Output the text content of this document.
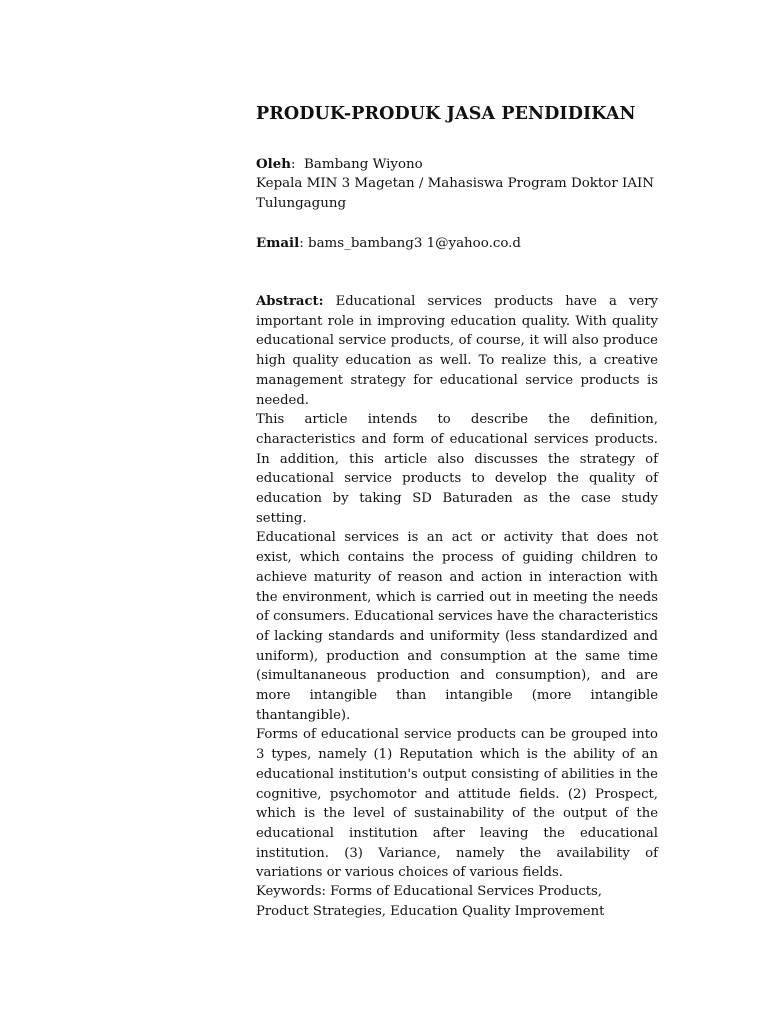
PRODUK-PRODUK JASA PENDIDIKAN
Oleh:  Bambang Wiyono
Kepala MIN 3 Magetan / Mahasiswa Program Doktor IAIN
Tulungagung
Email: bams_bambang3 1@yahoo.co.d

Abstract: Educational services products have a very important role in improving education quality. With quality educational service products, of course, it will also produce high quality education as well. To realize this, a creative management strategy for educational service products is needed.

This article intends to describe the definition, characteristics and form of educational services products. In addition, this article also discusses the strategy of educational service products to develop the quality of education by taking SD Baturaden as the case study setting.

Educational services is an act or activity that does not exist, which contains the process of guiding children to achieve maturity of reason and action in interaction with the environment, which is carried out in meeting the needs of consumers. Educational services have the characteristics of lacking standards and uniformity (less standardized and uniform), production and consumption at the same time (simultananeous production and consumption), and are more intangible than intangible (more intangible thantangible).

Forms of educational service products can be grouped into 3 types, namely (1) Reputation which is the ability of an educational institution's output consisting of abilities in the cognitive, psychomotor and attitude fields. (2) Prospect, which is the level of sustainability of the output of the educational institution after leaving the educational institution. (3) Variance, namely the availability of variations or various choices of various fields.

Keywords: Forms of Educational Services Products, Product Strategies, Education Quality Improvement
